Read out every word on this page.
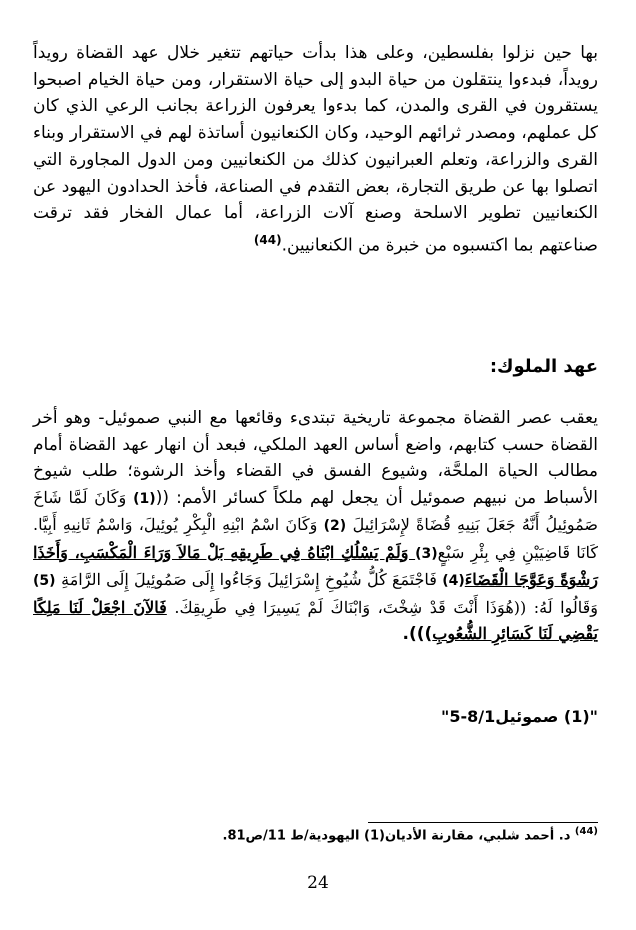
بها حين نزلوا بفلسطين، وعلى هذا بدأت حياتهم تتغير خلال عهد القضاة رويداً رويداً، فبدءوا ينتقلون من حياة البدو إلى حياة الاستقرار، ومن حياة الخيام اصبحوا يستقرون في القرى والمدن، كما بدءوا يعرفون الزراعة بجانب الرعي الذي كان كل عملهم، ومصدر ثرائهم الوحيد، وكان الكنعانيون أساتذة لهم في الاستقرار وبناء القرى والزراعة، وتعلم العبرانيون كذلك من الكنعانيين ومن الدول المجاورة التي اتصلوا بها عن طريق التجارة، بعض التقدم في الصناعة، فأخذ الحدادون اليهود عن الكنعانيين تطوير الاسلحة وصنع آلات الزراعة، أما عمال الفخار فقد ترقت صناعتهم بما اكتسبوه من خبرة من الكنعانيين.$^{(44)}$

عهد الملوك:

يعقب عصر القضاة مجموعة تاريخية تبتدىء وقائعها مع النبي صموئيل- وهو أخر القضاة حسب كتابهم، واضع أساس العهد الملكي، فبعد أن انهار عهد القضاة أمام مطالب الحياة الملحَّة، وشيوع الفسق في القضاء وأخذ الرشوة؛ طلب شيوخ الأسباط من نبيهم صموئيل أن يجعل لهم ملكاً كسائر الأمم: (((1) وَكَانَ لَمَّا شَاخَ صَمُوئِيلُ أَنَّهُ جَعَلَ بَنِيهِ قُضَاةً لإِسْرَائِيلَ (2) وَكَانَ اسْمُ ابْنِهِ الْبِكْرِ يُوئِيلَ، وَاسْمُ ثَانِيهِ أَبِيَّا. كَانَا قَاضِيَيْنِ فِي بِئْرِ سَبْعٍ(3) وَلَمْ يَسْلُكِ ابْنَاهُ فِي طَرِيقِهِ بَلْ مَالاَ وَرَاءَ الْمَكْسَبِ، وَأَخَذَا رَشْوَةً وَعَوَّجَا الْقَضَاءَ(4) فَاجْتَمَعَ كُلُّ شُيُوخِ إِسْرَائِيلَ وَجَاءُوا إِلَى صَمُوئِيلَ إِلَى الرَّامَةِ (5) وَقَالُوا لَهُ: ((هُوَذَا أَنْتَ قَدْ شِخْتَ، وَابْنَاكَ لَمْ يَسِيرَا فِي طَرِيقِكَ. فَالآنَ اجْعَلْ لَنَا مَلِكًا يَقْضِي لَنَا كَسَائِرِ الشُّعُوبِ))).

"(1) صموئيل8/1-5"
$^{(44)}$ د. أحمد شلبي، مقارنة الأديان(1) اليهودية/ط 11/ص81.
24
